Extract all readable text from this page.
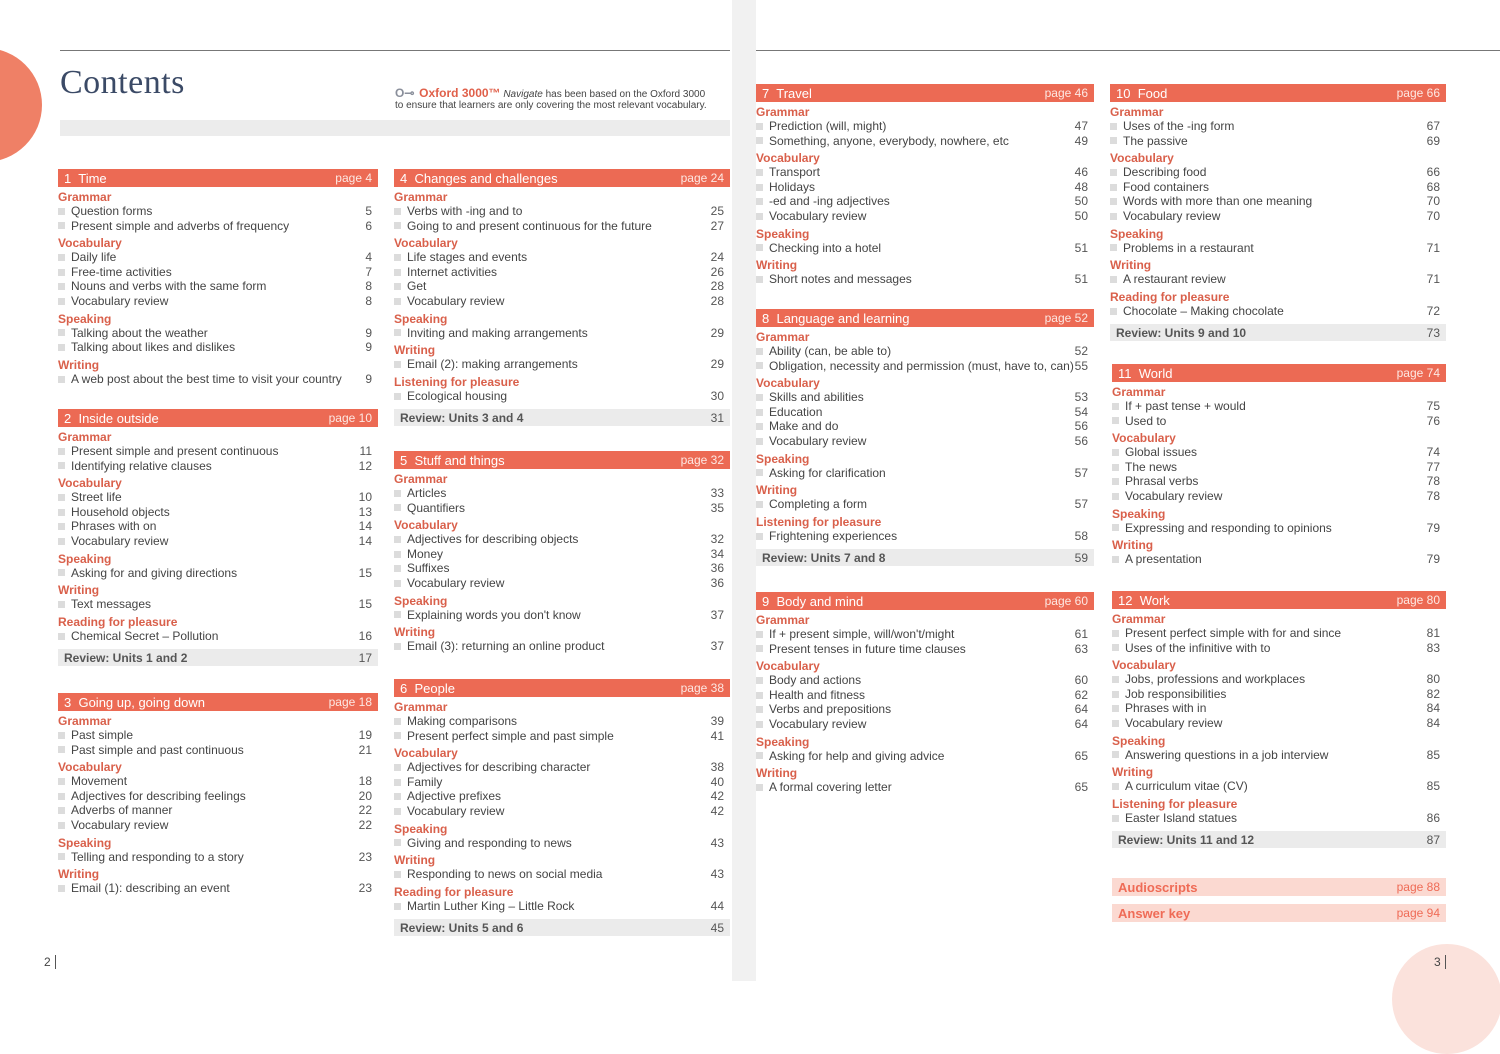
Contents	O⊸ Oxford 3000™ Navigate has been based on the Oxford 3000 to ensure that learners are only covering the most relevant vocabulary.
1 Time	page 4
Grammar
Question forms	5
Present simple and adverbs of frequency	6
Vocabulary
Daily life	4
Free-time activities	7
Nouns and verbs with the same form	8
Vocabulary review	8
Speaking
Talking about the weather	9
Talking about likes and dislikes	9
Writing
A web post about the best time to visit your country 9
2 Inside outside	page 10
Grammar
Present simple and present continuous	11
Identifying relative clauses	12
Vocabulary
Street life	10
Household objects	13
Phrases with on	14
Vocabulary review	14
Speaking
Asking for and giving directions	15
Writing
Text messages	15
Reading for pleasure
Chemical Secret – Pollution	16
Review: Units 1 and 2	17
3 Going up, going down	page 18
Grammar
Past simple	19
Past simple and past continuous	21
Vocabulary
Movement	18
Adjectives for describing feelings	20
Adverbs of manner	22
Vocabulary review	22
Speaking
Telling and responding to a story	23
Writing
Email (1): describing an event	23
4 Changes and challenges	page 24
Grammar
Verbs with -ing and to	25
Going to and present continuous for the future	27
Vocabulary
Life stages and events	24
Internet activities	26
Get	28
Vocabulary review	28
Speaking
Inviting and making arrangements	29
Writing
Email (2): making arrangements	29
Listening for pleasure
Ecological housing	30
Review: Units 3 and 4	31
5 Stuff and things	page 32
Grammar
Articles	33
Quantifiers	35
Vocabulary
Adjectives for describing objects	32
Money	34
Suffixes	36
Vocabulary review	36
Speaking
Explaining words you don't know	37
Writing
Email (3): returning an online product	37
6 People	page 38
Grammar
Making comparisons	39
Present perfect simple and past simple	41
Vocabulary
Adjectives for describing character	38
Family	40
Adjective prefixes	42
Vocabulary review	42
Speaking
Giving and responding to news	43
Writing
Responding to news on social media	43
Reading for pleasure
Martin Luther King – Little Rock	44
Review: Units 5 and 6	45
7 Travel	page 46
Grammar
Prediction (will, might)	47
Something, anyone, everybody, nowhere, etc	49
Vocabulary
Transport	46
Holidays	48
-ed and -ing adjectives	50
Vocabulary review	50
Speaking
Checking into a hotel	51
Writing
Short notes and messages	51
8 Language and learning	page 52
Grammar
Ability (can, be able to)	52
Obligation, necessity and permission (must, have to, can) 55
Vocabulary
Skills and abilities	53
Education	54
Make and do	56
Vocabulary review	56
Speaking
Asking for clarification	57
Writing
Completing a form	57
Listening for pleasure
Frightening experiences	58
Review: Units 7 and 8	59
9 Body and mind	page 60
Grammar
If + present simple, will/won't/might	61
Present tenses in future time clauses	63
Vocabulary
Body and actions	60
Health and fitness	62
Verbs and prepositions	64
Vocabulary review	64
Speaking
Asking for help and giving advice	65
Writing
A formal covering letter	65
10 Food	page 66
Grammar
Uses of the -ing form	67
The passive	69
Vocabulary
Describing food	66
Food containers	68
Words with more than one meaning	70
Vocabulary review	70
Speaking
Problems in a restaurant	71
Writing
A restaurant review	71
Reading for pleasure
Chocolate – Making chocolate	72
Review: Units 9 and 10	73
11 World	page 74
Grammar
If + past tense + would	75
Used to	76
Vocabulary
Global issues	74
The news	77
Phrasal verbs	78
Vocabulary review	78
Speaking
Expressing and responding to opinions	79
Writing
A presentation	79
12 Work	page 80
Grammar
Present perfect simple with for and since	81
Uses of the infinitive with to	83
Vocabulary
Jobs, professions and workplaces	80
Job responsibilities	82
Phrases with in	84
Vocabulary review	84
Speaking
Answering questions in a job interview	85
Writing
A curriculum vitae (CV)	85
Listening for pleasure
Easter Island statues	86
Review: Units 11 and 12	87
Audioscripts	page 88
Answer key	page 94
2	3
